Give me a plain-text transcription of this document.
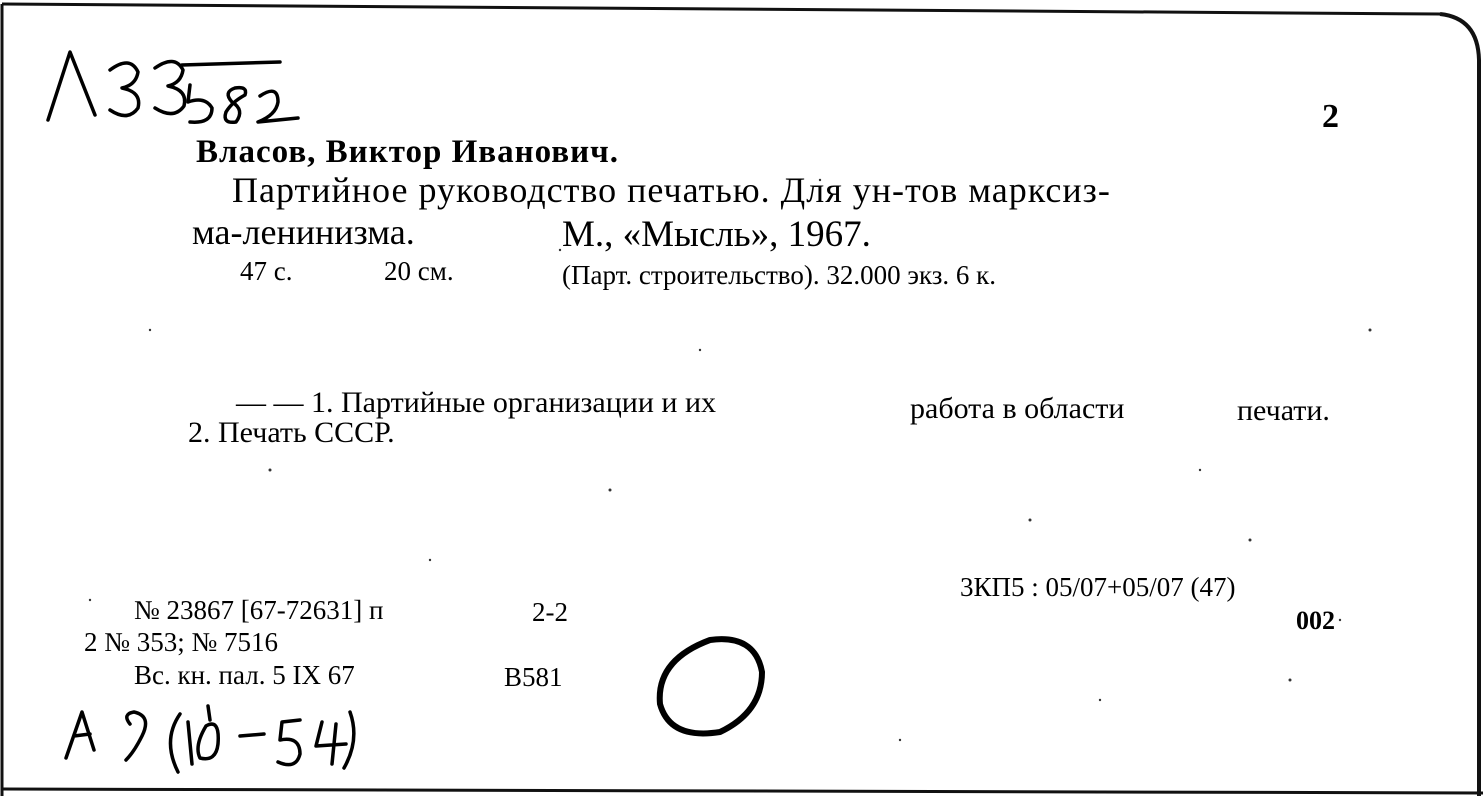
2
Власов, Виктор Иванович.
Партийное руководство печатью. Для ун-тов марксиз-
ма-ленинизма.	М., «Мысль», 1967.
47 с.	20 см.	(Парт. строительство). 32.000 экз. 6 к.
— — 1. Партийные организации и их	работа в области	печати.
2. Печать СССР.
3КП5 : 05/07+05/07 (47)
002
№ 23867 [67-72631] п	2-2
2 № 353; № 7516
Вс. кн. пал. 5 IX 67	В581
